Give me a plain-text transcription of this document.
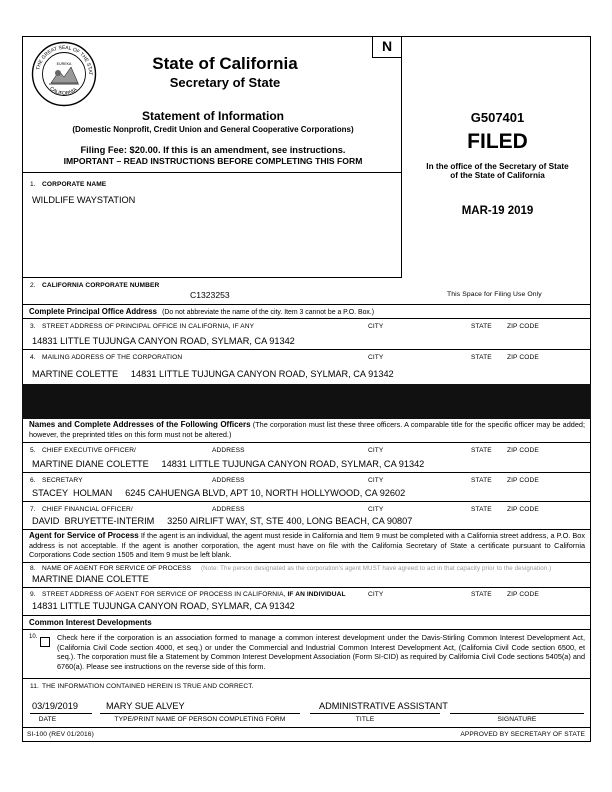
N
THE GREAT SEAL OF THE STAT
CALIFORNIA
EUREKA	State of California
Secretary of State
Statement of Information
(Domestic Nonprofit, Credit Union and General Cooperative Corporations)
Filing Fee: $20.00. If this is an amendment, see instructions.
IMPORTANT – READ INSTRUCTIONS BEFORE COMPLETING THIS FORM
1. CORPORATE NAME
WILDLIFE WAYSTATION
G507401
FILED
In the office of the Secretary of State
of the State of California
MAR-19 2019
2. CALIFORNIA CORPORATE NUMBER
C1323253	This Space for Filing Use Only
Complete Principal Office Address (Do not abbreviate the name of the city. Item 3 cannot be a P.O. Box.)
3. STREET ADDRESS OF PRINCIPAL OFFICE IN CALIFORNIA, IF ANY	CITY	STATE ZIP CODE
14831 LITTLE TUJUNGA CANYON ROAD, SYLMAR, CA 91342
4. MAILING ADDRESS OF THE CORPORATION	CITY	STATE ZIP CODE
MARTINE COLETTE     14831 LITTLE TUJUNGA CANYON ROAD, SYLMAR, CA 91342
Names and Complete Addresses of the Following Officers (The corporation must list these three officers. A comparable title for the specific officer may be added; however, the preprinted titles on this form must not be altered.)
5. CHIEF EXECUTIVE OFFICER/	ADDRESS	CITY	STATE ZIP CODE
MARTINE DIANE COLETTE     14831 LITTLE TUJUNGA CANYON ROAD, SYLMAR, CA 91342
6. SECRETARY	ADDRESS	CITY	STATE ZIP CODE
STACEY  HOLMAN     6245 CAHUENGA BLVD, APT 10, NORTH HOLLYWOOD, CA 92602
7. CHIEF FINANCIAL OFFICER/	ADDRESS	CITY	STATE ZIP CODE
DAVID  BRUYETTE-INTERIM     3250 AIRLIFT WAY, ST, STE 400, LONG BEACH, CA 90807
Agent for Service of Process If the agent is an individual, the agent must reside in California and Item 9 must be completed with a California street address, a P.O. Box address is not acceptable. If the agent is another corporation, the agent must have on file with the California Secretary of State a certificate pursuant to California Corporations Code section 1505 and Item 9 must be left blank.
8. NAME OF AGENT FOR SERVICE OF PROCESS (Note: The person designated as the corporation's agent MUST have agreed to act in that capacity prior to the designation.)
MARTINE DIANE COLETTE
9. STREET ADDRESS OF AGENT FOR SERVICE OF PROCESS IN CALIFORNIA, IF AN INDIVIDUAL	CITY	STATE ZIP CODE
14831 LITTLE TUJUNGA CANYON ROAD, SYLMAR, CA 91342
Common Interest Developments
10.	Check here if the corporation is an association formed to manage a common interest development under the Davis-Stirling Common Interest Development Act, (California Civil Code section 4000, et seq.) or under the Commercial and Industrial Common Interest Development Act, (California Civil Code section 6500, et seq.). The corporation must file a Statement by Common Interest Development Association (Form SI-CID) as required by California Civil Code sections 5405(a) and 6760(a). Please see instructions on the reverse side of this form.
11. THE INFORMATION CONTAINED HEREIN IS TRUE AND CORRECT.
03/19/2019	MARY SUE ALVEY	ADMINISTRATIVE ASSISTANT
DATE	TYPE/PRINT NAME OF PERSON COMPLETING FORM	TITLE	SIGNATURE
SI-100 (REV 01/2016)	APPROVED BY SECRETARY OF STATE
